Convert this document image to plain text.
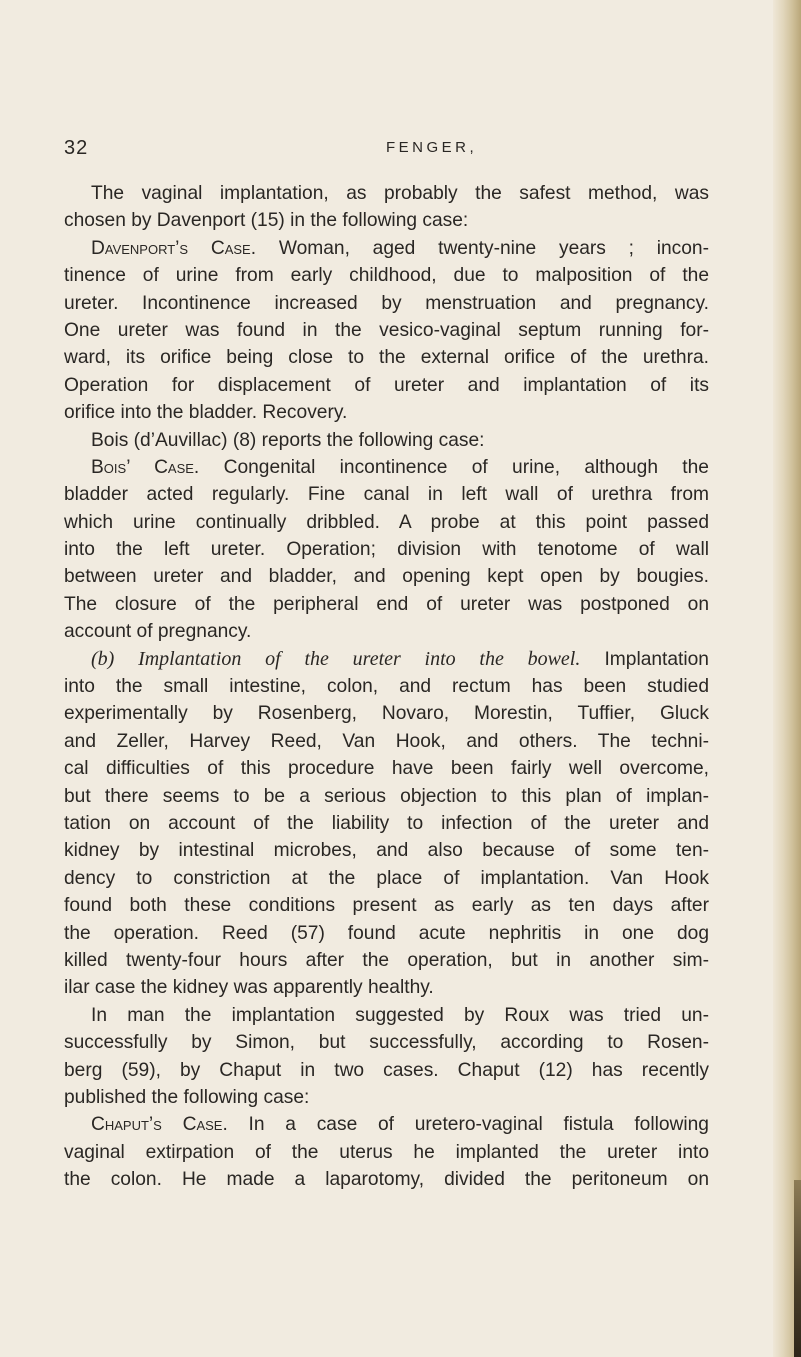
32	FENGER,
The vaginal implantation, as probably the safest method, was
chosen by Davenport (15) in the following case:
Davenport’s Case. Woman, aged twenty-nine years ; incon-
tinence of urine from early childhood, due to malposition of the
ureter. Incontinence increased by menstruation and pregnancy.
One ureter was found in the vesico-vaginal septum running for-
ward, its orifice being close to the external orifice of the urethra.
Operation for displacement of ureter and implantation of its
orifice into the bladder. Recovery.
Bois (d’Auvillac) (8) reports the following case:
Bois’ Case. Congenital incontinence of urine, although the
bladder acted regularly. Fine canal in left wall of urethra from
which urine continually dribbled. A probe at this point passed
into the left ureter. Operation; division with tenotome of wall
between ureter and bladder, and opening kept open by bougies.
The closure of the peripheral end of ureter was postponed on
account of pregnancy.
(b) Implantation of the ureter into the bowel. Implantation
into the small intestine, colon, and rectum has been studied
experimentally by Rosenberg, Novaro, Morestin, Tuffier, Gluck
and Zeller, Harvey Reed, Van Hook, and others. The techni-
cal difficulties of this procedure have been fairly well overcome,
but there seems to be a serious objection to this plan of implan-
tation on account of the liability to infection of the ureter and
kidney by intestinal microbes, and also because of some ten-
dency to constriction at the place of implantation. Van Hook
found both these conditions present as early as ten days after
the operation. Reed (57) found acute nephritis in one dog
killed twenty-four hours after the operation, but in another sim-
ilar case the kidney was apparently healthy.
In man the implantation suggested by Roux was tried un-
successfully by Simon, but successfully, according to Rosen-
berg (59), by Chaput in two cases. Chaput (12) has recently
published the following case:
Chaput’s Case. In a case of uretero-vaginal fistula following
vaginal extirpation of the uterus he implanted the ureter into
the colon. He made a laparotomy, divided the peritoneum on
